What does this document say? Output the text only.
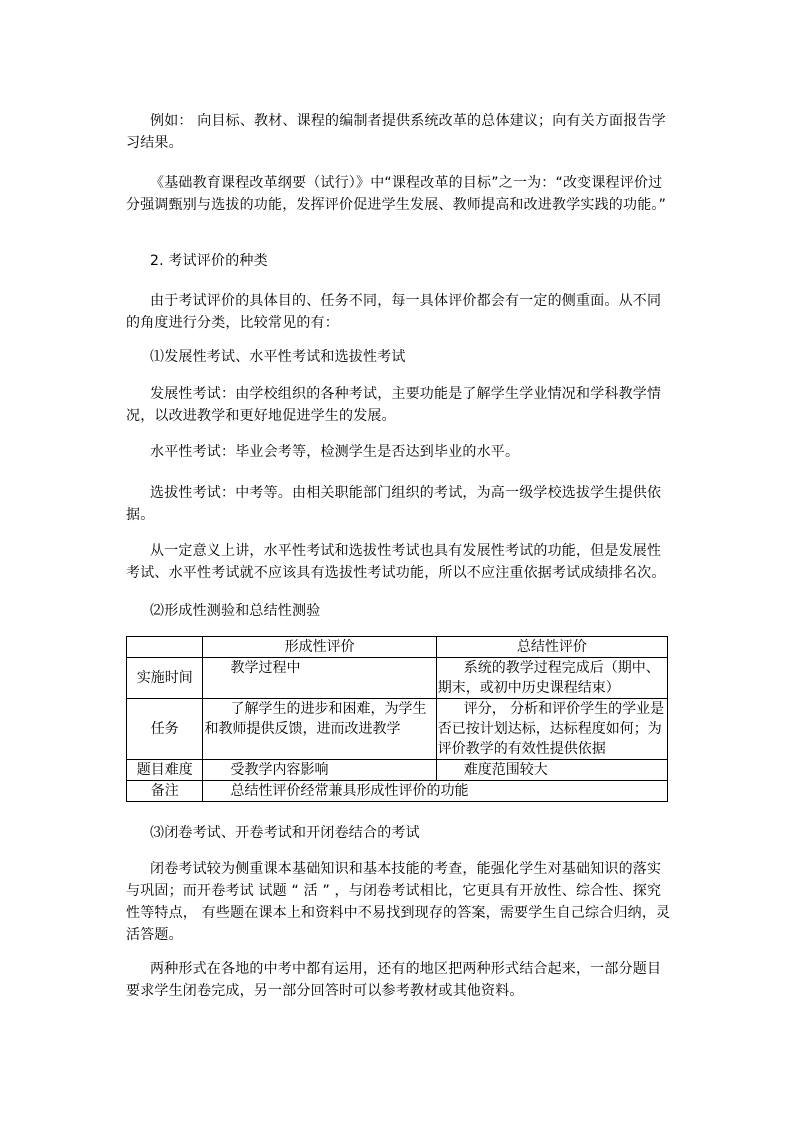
例如： 向目标、教材、课程的编制者提供系统改革的总体建议；向有关方面报告学习结果。

《基础教育课程改革纲要（试行）》中“课程改革的目标”之一为：“改变课程评价过分强调甄别与选拔的功能，发挥评价促进学生发展、教师提高和改进教学实践的功能。”

2. 考试评价的种类

由于考试评价的具体目的、任务不同，每一具体评价都会有一定的侧重面。从不同的角度进行分类，比较常见的有：

⑴发展性考试、水平性考试和选拔性考试

发展性考试：由学校组织的各种考试，主要功能是了解学生学业情况和学科教学情况，以改进教学和更好地促进学生的发展。

水平性考试：毕业会考等，检测学生是否达到毕业的水平。

选拔性考试：中考等。由相关职能部门组织的考试，为高一级学校选拔学生提供依据。

从一定意义上讲，水平性考试和选拔性考试也具有发展性考试的功能，但是发展性考试、水平性考试就不应该具有选拔性考试功能，所以不应注重依据考试成绩排名次。

⑵形成性测验和总结性测验

	形成性评价	总结性评价
实施时间	教学过程中	系统的教学过程完成后（期中、期末，或初中历史课程结束）
任务	了解学生的进步和困难，为学生和教师提供反馈，进而改进教学	评分， 分析和评价学生的学业是否已按计划达标，达标程度如何；为评价教学的有效性提供依据
题目难度	受教学内容影响	难度范围较大
备注	总结性评价经常兼具形成性评价的功能	

⑶闭卷考试、开卷考试和开闭卷结合的考试

闭卷考试较为侧重课本基础知识和基本技能的考查，能强化学生对基础知识的落实与巩固；而开卷考试 试题 “ 活 ” ，与闭卷考试相比，它更具有开放性、综合性、探究性等特点， 有些题在课本上和资料中不易找到现存的答案，需要学生自己综合归纳，灵活答题。

两种形式在各地的中考中都有运用，还有的地区把两种形式结合起来，一部分题目要求学生闭卷完成，另一部分回答时可以参考教材或其他资料。
